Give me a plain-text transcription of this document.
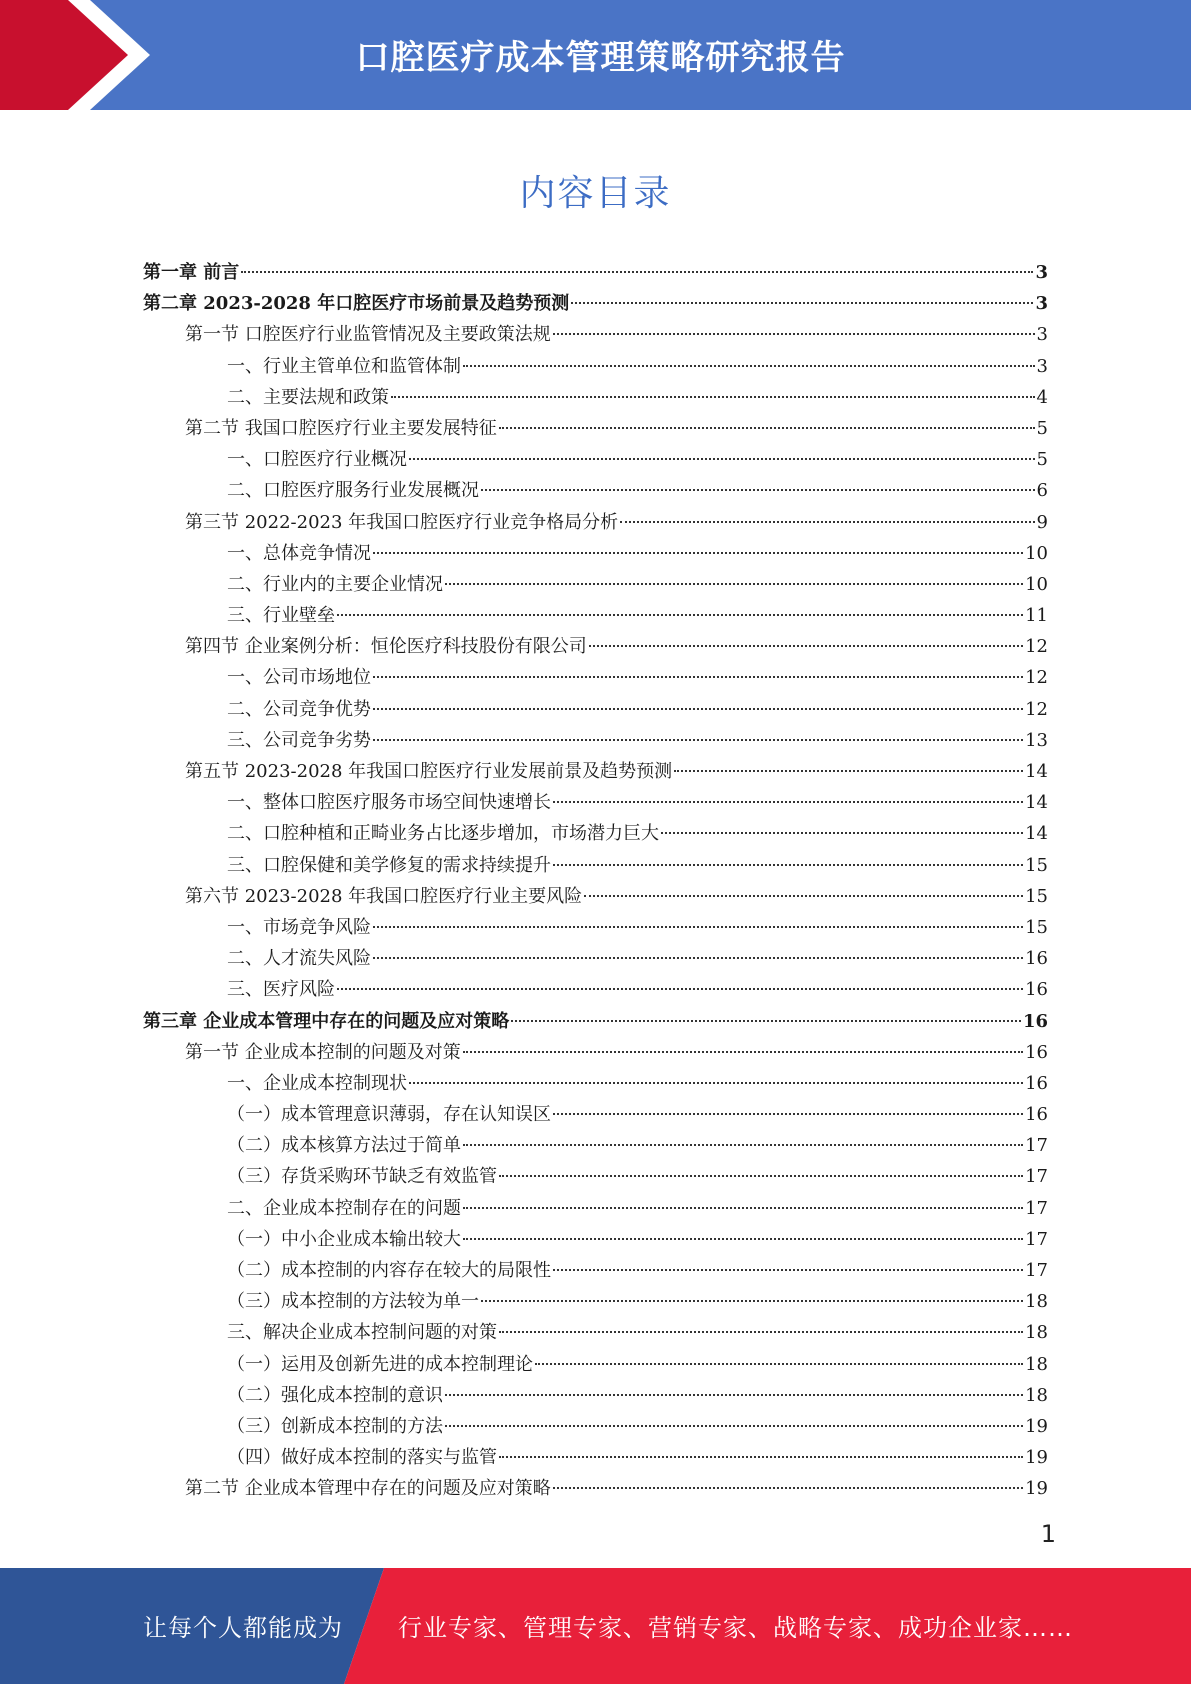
口腔医疗成本管理策略研究报告
内容目录
第一章 前言	3
第二章 2023-2028 年口腔医疗市场前景及趋势预测	3
第一节 口腔医疗行业监管情况及主要政策法规	3
一、行业主管单位和监管体制	3
二、主要法规和政策	4
第二节 我国口腔医疗行业主要发展特征	5
一、口腔医疗行业概况	5
二、口腔医疗服务行业发展概况	6
第三节 2022-2023 年我国口腔医疗行业竞争格局分析	9
一、总体竞争情况	10
二、行业内的主要企业情况	10
三、行业壁垒	11
第四节 企业案例分析：恒伦医疗科技股份有限公司	12
一、公司市场地位	12
二、公司竞争优势	12
三、公司竞争劣势	13
第五节 2023-2028 年我国口腔医疗行业发展前景及趋势预测	14
一、整体口腔医疗服务市场空间快速增长	14
二、口腔种植和正畸业务占比逐步增加，市场潜力巨大	14
三、口腔保健和美学修复的需求持续提升	15
第六节 2023-2028 年我国口腔医疗行业主要风险	15
一、市场竞争风险	15
二、人才流失风险	16
三、医疗风险	16
第三章 企业成本管理中存在的问题及应对策略	16
第一节 企业成本控制的问题及对策	16
一、企业成本控制现状	16
（一）成本管理意识薄弱，存在认知误区	16
（二）成本核算方法过于简单	17
（三）存货采购环节缺乏有效监管	17
二、企业成本控制存在的问题	17
（一）中小企业成本输出较大	17
（二）成本控制的内容存在较大的局限性	17
（三）成本控制的方法较为单一	18
三、解决企业成本控制问题的对策	18
（一）运用及创新先进的成本控制理论	18
（二）强化成本控制的意识	18
（三）创新成本控制的方法	19
（四）做好成本控制的落实与监管	19
第二节 企业成本管理中存在的问题及应对策略	19
1
让每个人都能成为 行业专家、管理专家、营销专家、战略专家、成功企业家……
